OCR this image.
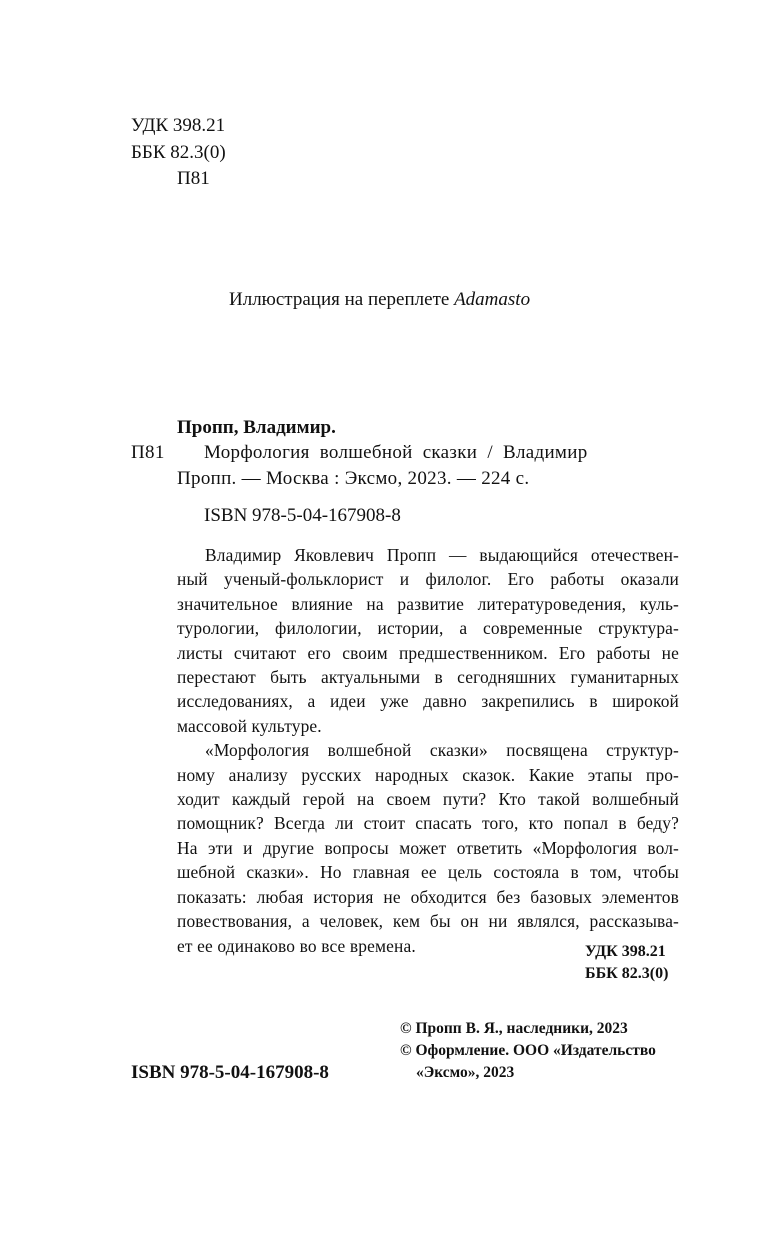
УДК 398.21
ББК 82.3(0)
П81
Иллюстрация на переплете Adamasto
Пропп, Владимир.
П81 Морфология  волшебной  сказки  /  Владимир
Пропп. — Москва : Эксмо, 2023. — 224 с.
ISBN 978-5-04-167908-8
Владимир Яковлевич Пропп — выдающийся отечествен-
ный ученый-фольклорист и филолог. Его работы оказали
значительное влияние на развитие литературоведения, куль-
турологии, филологии, истории, а современные структура-
листы считают его своим предшественником. Его работы не
перестают быть актуальными в сегодняшних гуманитарных
исследованиях, а идеи уже давно закрепились в широкой
массовой культуре.
«Морфология волшебной сказки» посвящена структур-
ному анализу русских народных сказок. Какие этапы про-
ходит каждый герой на своем пути? Кто такой волшебный
помощник? Всегда ли стоит спасать того, кто попал в беду?
На эти и другие вопросы может ответить «Морфология вол-
шебной сказки». Но главная ее цель состояла в том, чтобы
показать: любая история не обходится без базовых элементов
повествования, а человек, кем бы он ни являлся, рассказыва-
ет ее одинаково во все времена.	УДК 398.21
ББК 82.3(0)
© Пропп В. Я., наследники, 2023
© Оформление. ООО «Издательство
«Эксмо», 2023
ISBN 978-5-04-167908-8
